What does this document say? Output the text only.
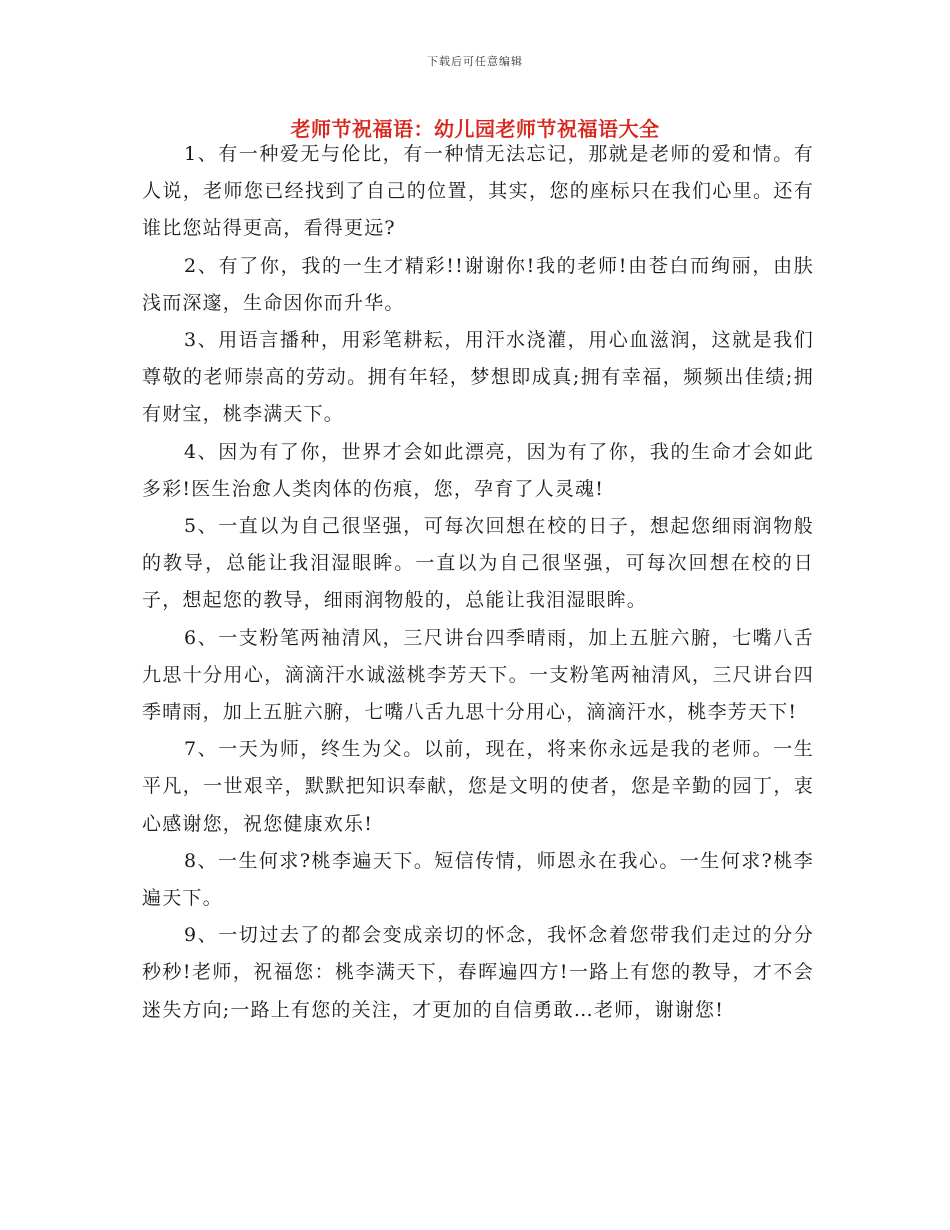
下载后可任意编辑
老师节祝福语：幼儿园老师节祝福语大全

1、有一种爱无与伦比，有一种情无法忘记，那就是老师的爱和情。有人说，老师您已经找到了自己的位置，其实，您的座标只在我们心里。还有谁比您站得更高，看得更远?

2、有了你，我的一生才精彩!!谢谢你!我的老师!由苍白而绚丽，由肤浅而深邃，生命因你而升华。

3、用语言播种，用彩笔耕耘，用汗水浇灌，用心血滋润，这就是我们尊敬的老师崇高的劳动。拥有年轻，梦想即成真;拥有幸福，频频出佳绩;拥有财宝，桃李满天下。

4、因为有了你，世界才会如此漂亮，因为有了你，我的生命才会如此多彩!医生治愈人类肉体的伤痕，您，孕育了人灵魂!

5、一直以为自己很坚强，可每次回想在校的日子，想起您细雨润物般的教导，总能让我泪湿眼眸。一直以为自己很坚强，可每次回想在校的日子，想起您的教导，细雨润物般的，总能让我泪湿眼眸。

6、一支粉笔两袖清风，三尺讲台四季晴雨，加上五脏六腑，七嘴八舌九思十分用心，滴滴汗水诚滋桃李芳天下。一支粉笔两袖清风，三尺讲台四季晴雨，加上五脏六腑，七嘴八舌九思十分用心，滴滴汗水，桃李芳天下!

7、一天为师，终生为父。以前，现在，将来你永远是我的老师。一生平凡，一世艰辛，默默把知识奉献，您是文明的使者，您是辛勤的园丁，衷心感谢您，祝您健康欢乐!

8、一生何求?桃李遍天下。短信传情，师恩永在我心。一生何求?桃李遍天下。

9、一切过去了的都会变成亲切的怀念，我怀念着您带我们走过的分分秒秒!老师，祝福您：桃李满天下，春晖遍四方!一路上有您的教导，才不会迷失方向;一路上有您的关注，才更加的自信勇敢…老师，谢谢您!
